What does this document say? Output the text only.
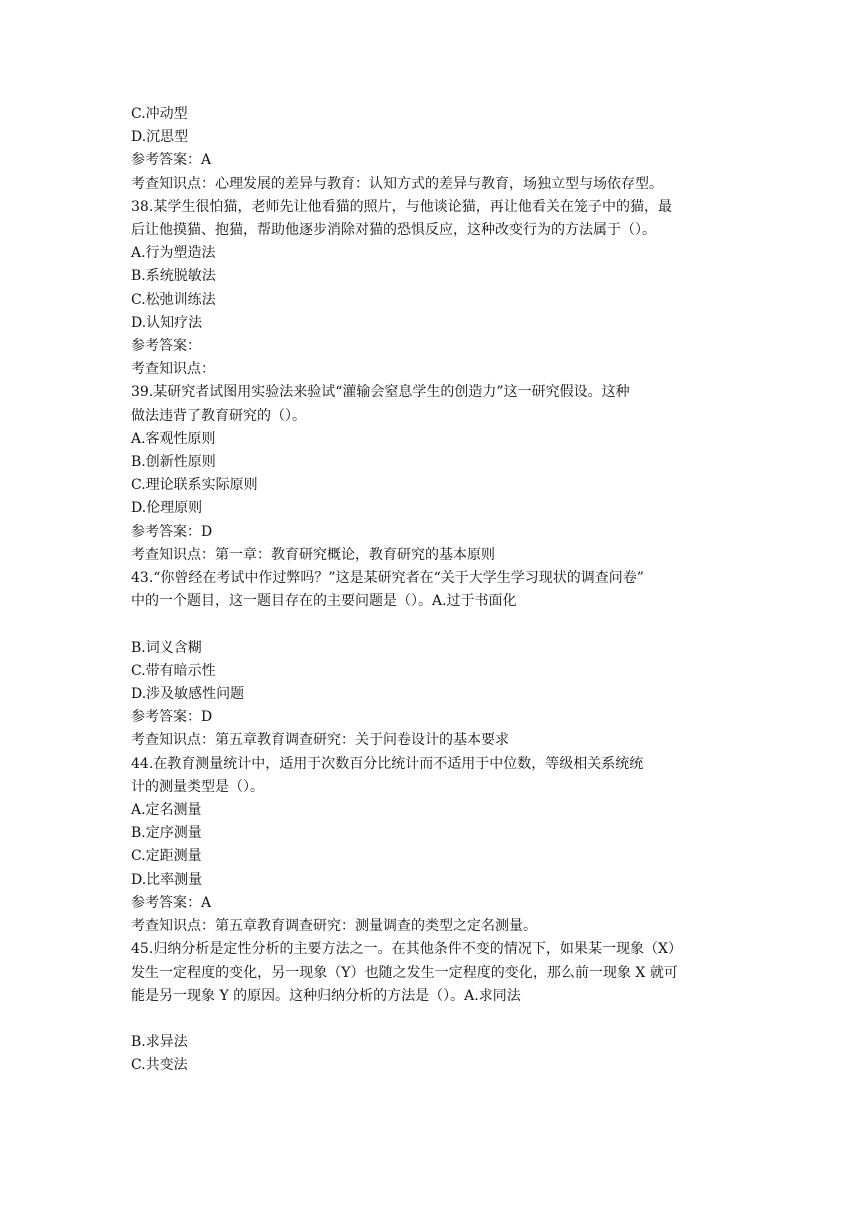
C.冲动型
D.沉思型
参考答案：A
考查知识点：心理发展的差异与教育：认知方式的差异与教育，场独立型与场依存型。
38.某学生很怕猫，老师先让他看猫的照片，与他谈论猫，再让他看关在笼子中的猫，最
后让他摸猫、抱猫，帮助他逐步消除对猫的恐惧反应，这种改变行为的方法属于（）。
A.行为塑造法
B.系统脱敏法
C.松弛训练法
D.认知疗法
参考答案：
考查知识点：
39.某研究者试图用实验法来验试“灌输会窒息学生的创造力”这一研究假设。这种
做法违背了教育研究的（）。
A.客观性原则
B.创新性原则
C.理论联系实际原则
D.伦理原则
参考答案：D
考查知识点：第一章：教育研究概论，教育研究的基本原则
43.“你曾经在考试中作过弊吗？”这是某研究者在“关于大学生学习现状的调查问卷”
中的一个题目，这一题目存在的主要问题是（）。A.过于书面化
B.词义含糊
C.带有暗示性
D.涉及敏感性问题
参考答案：D
考查知识点：第五章教育调查研究：关于问卷设计的基本要求
44.在教育测量统计中，适用于次数百分比统计而不适用于中位数，等级相关系统统
计的测量类型是（）。
A.定名测量
B.定序测量
C.定距测量
D.比率测量
参考答案：A
考查知识点：第五章教育调查研究：测量调查的类型之定名测量。
45.归纳分析是定性分析的主要方法之一。在其他条件不变的情况下，如果某一现象（X）
发生一定程度的变化，另一现象（Y）也随之发生一定程度的变化，那么前一现象 X 就可
能是另一现象 Y 的原因。这种归纳分析的方法是（）。A.求同法
B.求异法
C.共变法
